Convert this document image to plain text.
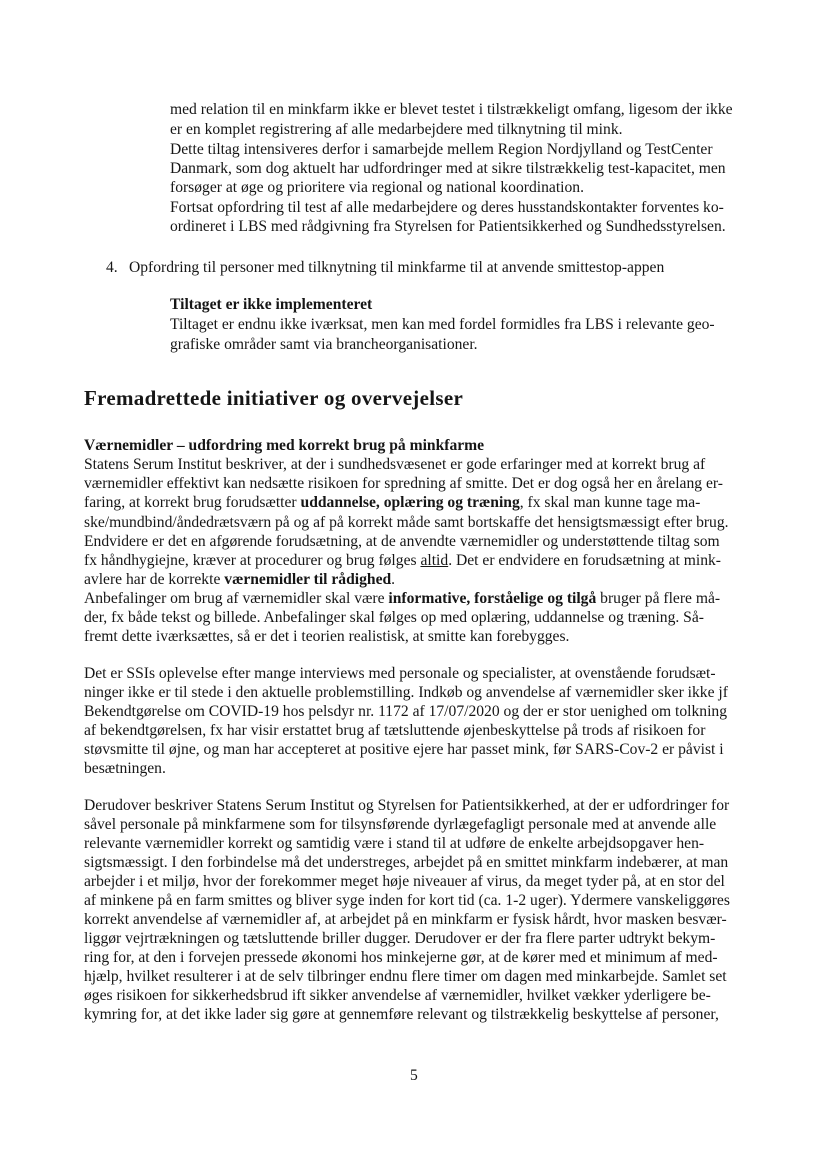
med relation til en minkfarm ikke er blevet testet i tilstrækkeligt omfang, ligesom der ikke
er en komplet registrering af alle medarbejdere med tilknytning til mink.
Dette tiltag intensiveres derfor i samarbejde mellem Region Nordjylland og TestCenter
Danmark, som dog aktuelt har udfordringer med at sikre tilstrækkelig test-kapacitet, men
forsøger at øge og prioritere via regional og national koordination.
Fortsat opfordring til test af alle medarbejdere og deres husstandskontakter forventes ko-
ordineret i LBS med rådgivning fra Styrelsen for Patientsikkerhed og Sundhedsstyrelsen.
4. Opfordring til personer med tilknytning til minkfarme til at anvende smittestop-appen
Tiltaget er ikke implementeret
Tiltaget er endnu ikke iværksat, men kan med fordel formidles fra LBS i relevante geo-
grafiske områder samt via brancheorganisationer.
Fremadrettede initiativer og overvejelser
Værnemidler – udfordring med korrekt brug på minkfarme
Statens Serum Institut beskriver, at der i sundhedsvæsenet er gode erfaringer med at korrekt brug af
værnemidler effektivt kan nedsætte risikoen for spredning af smitte. Det er dog også her en årelang er-
faring, at korrekt brug forudsætter uddannelse, oplæring og træning, fx skal man kunne tage ma-
ske/mundbind/åndedrætsværn på og af på korrekt måde samt bortskaffe det hensigtsmæssigt efter brug.
Endvidere er det en afgørende forudsætning, at de anvendte værnemidler og understøttende tiltag som
fx håndhygiejne, kræver at procedurer og brug følges altid. Det er endvidere en forudsætning at mink-
avlere har de korrekte værnemidler til rådighed.
Anbefalinger om brug af værnemidler skal være informative, forståelige og tilgå bruger på flere må-
der, fx både tekst og billede. Anbefalinger skal følges op med oplæring, uddannelse og træning. Så-
fremt dette iværksættes, så er det i teorien realistisk, at smitte kan forebygges.
Det er SSIs oplevelse efter mange interviews med personale og specialister, at ovenstående forudsæt-
ninger ikke er til stede i den aktuelle problemstilling. Indkøb og anvendelse af værnemidler sker ikke jf
Bekendtgørelse om COVID-19 hos pelsdyr nr. 1172 af 17/07/2020 og der er stor uenighed om tolkning
af bekendtgørelsen, fx har visir erstattet brug af tætsluttende øjenbeskyttelse på trods af risikoen for
støvsmitte til øjne, og man har accepteret at positive ejere har passet mink, før SARS-Cov-2 er påvist i
besætningen.
Derudover beskriver Statens Serum Institut og Styrelsen for Patientsikkerhed, at der er udfordringer for
såvel personale på minkfarmene som for tilsynsførende dyrlægefagligt personale med at anvende alle
relevante værnemidler korrekt og samtidig være i stand til at udføre de enkelte arbejdsopgaver hen-
sigtsmæssigt. I den forbindelse må det understreges, arbejdet på en smittet minkfarm indebærer, at man
arbejder i et miljø, hvor der forekommer meget høje niveauer af virus, da meget tyder på, at en stor del
af minkene på en farm smittes og bliver syge inden for kort tid (ca. 1-2 uger). Ydermere vanskeliggøres
korrekt anvendelse af værnemidler af, at arbejdet på en minkfarm er fysisk hårdt, hvor masken besvær-
liggør vejrtrækningen og tætsluttende briller dugger. Derudover er der fra flere parter udtrykt bekym-
ring for, at den i forvejen pressede økonomi hos minkejerne gør, at de kører med et minimum af med-
hjælp, hvilket resulterer i at de selv tilbringer endnu flere timer om dagen med minkarbejde. Samlet set
øges risikoen for sikkerhedsbrud ift sikker anvendelse af værnemidler, hvilket vækker yderligere be-
kymring for, at det ikke lader sig gøre at gennemføre relevant og tilstrækkelig beskyttelse af personer,
5
